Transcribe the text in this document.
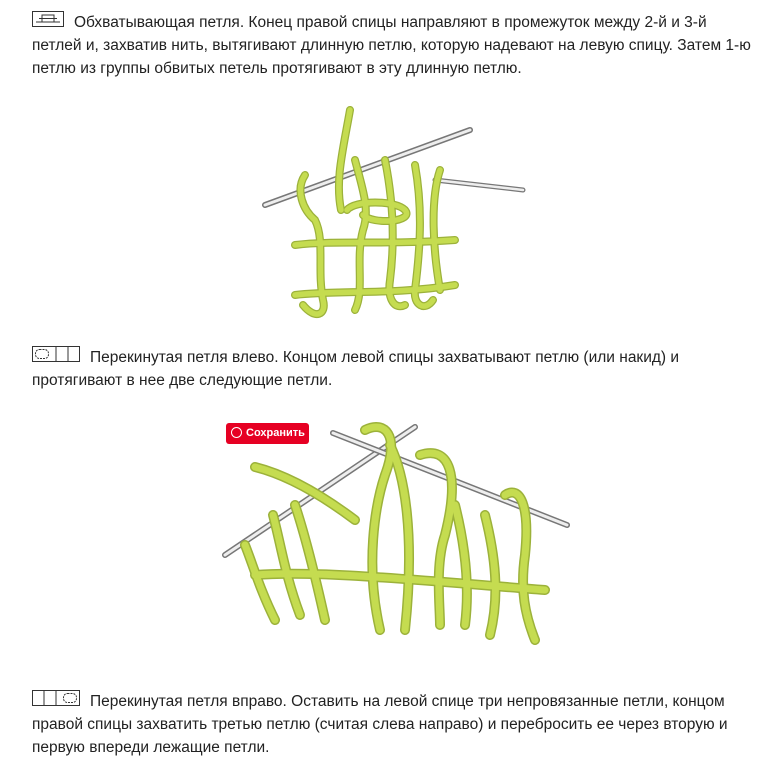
Обхватывающая петля. Конец правой спицы направляют в промежуток между 2-й и 3-й петлей и, захватив нить, вытягивают длинную петлю, которую надевают на левую спицу. Затем 1-ю петлю из группы обвитых петель протягивают в эту длинную петлю.
Перекинутая петля влево. Концом левой спицы захватывают петлю (или накид) и протягивают в нее две следующие петли.
Сохранить
Перекинутая петля вправо. Оставить на левой спице три непровязанные петли, концом правой спицы захватить третью петлю (считая слева направо) и перебросить ее через вторую и первую впереди лежащие петли.
